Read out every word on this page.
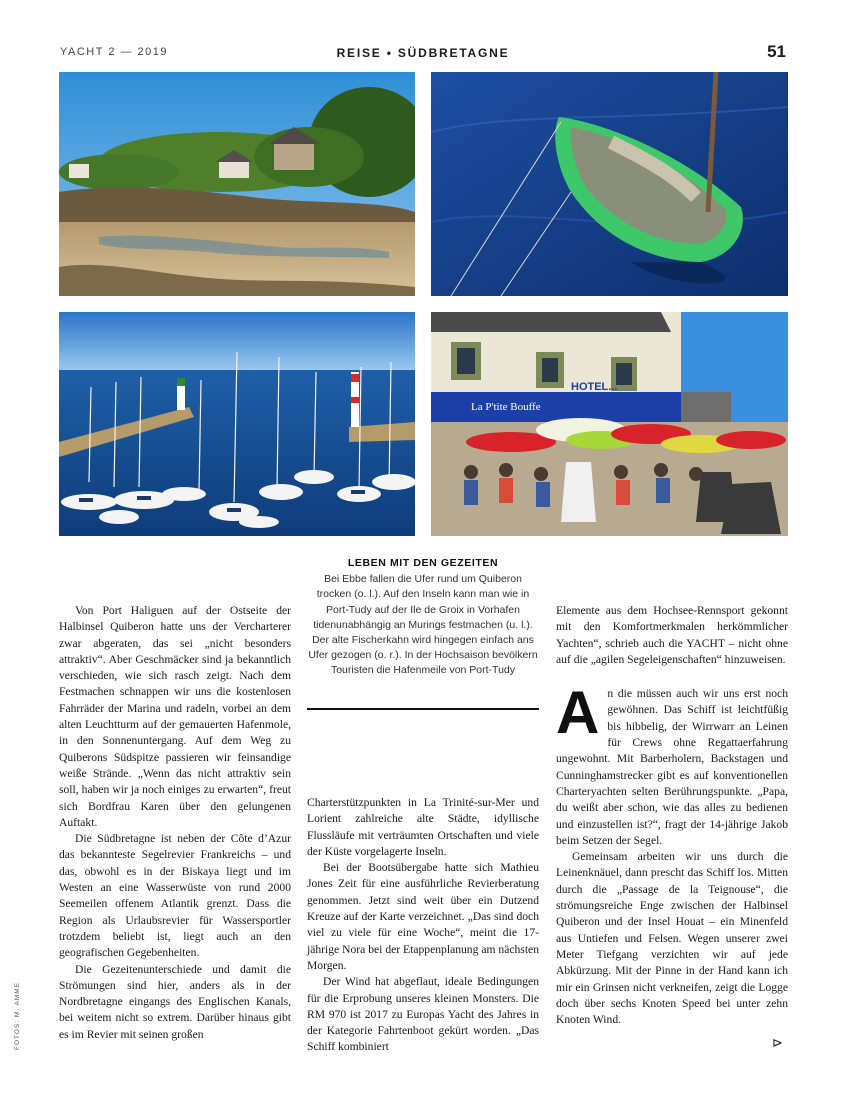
YACHT 2 — 2019	REISE • SÜDBRETAGNE	51
La P'tite Bouffe
HOTEL...
FOTOS: M. AMME
LEBEN MIT DEN GEZEITEN
Bei Ebbe fallen die Ufer rund um Quiberon trocken (o. l.). Auf den Inseln kann man wie in Port-Tudy auf der Ile de Groix in Vorhafen tidenunabhängig an Murings festmachen (u. l.). Der alte Fischerkahn wird hingegen einfach ans Ufer gezogen (o. r.). In der Hochsaison bevölkern Touristen die Hafenmeile von Port-Tudy

Von Port Haliguen auf der Ostseite der Halbinsel Quiberon hatte uns der Vercharterer zwar abgeraten, das sei „nicht besonders attraktiv“. Aber Geschmäcker sind ja bekanntlich verschieden, wie sich rasch zeigt. Nach dem Festmachen schnappen wir uns die kostenlosen Fahrräder der Marina und radeln, vorbei an dem alten Leuchtturm auf der gemauerten Hafenmole, in den Sonnenuntergang. Auf dem Weg zu Quiberons Südspitze passieren wir feinsandige weiße Strände. „Wenn das nicht attraktiv sein soll, haben wir ja noch einiges zu erwarten“, freut sich Bordfrau Karen über den gelungenen Auftakt.

Die Südbretagne ist neben der Côte d’Azur das bekannteste Segelrevier Frankreichs – und das, obwohl es in der Biskaya liegt und im Westen an eine Wasserwüste von rund 2000 Seemeilen offenem Atlantik grenzt. Dass die Region als Urlaubsrevier für Wassersportler trotzdem beliebt ist, liegt auch an den geografischen Gegebenheiten.

Die Gezeitenunterschiede und damit die Strömungen sind hier, anders als in der Nordbretagne eingangs des Englischen Kanals, bei weitem nicht so extrem. Darüber hinaus gibt es im Revier mit seinen großen

Charterstützpunkten in La Trinité-sur-Mer und Lorient zahlreiche alte Städte, idyllische Flussläufe mit verträumten Ortschaften und viele der Küste vorgelagerte Inseln.

Bei der Bootsübergabe hatte sich Mathieu Jones Zeit für eine ausführliche Revierberatung genommen. Jetzt sind weit über ein Dutzend Kreuze auf der Karte verzeichnet. „Das sind doch viel zu viele für eine Woche“, meint die 17-jährige Nora bei der Etappenplanung am nächsten Morgen.

Der Wind hat abgeflaut, ideale Bedingungen für die Erprobung unseres kleinen Monsters. Die RM 970 ist 2017 zu Europas Yacht des Jahres in der Kategorie Fahrtenboot gekürt worden. „Das Schiff kombiniert

Elemente aus dem Hochsee-Rennsport gekonnt mit den Komfortmerkmalen herkömmlicher Yachten“, schrieb auch die YACHT – nicht ohne auf die „agilen Segeleigenschaften“ hinzuweisen.

An die müssen auch wir uns erst noch gewöhnen. Das Schiff ist leichtfüßig bis hibbelig, der Wirrwarr an Leinen für Crews ohne Regattaerfahrung ungewohnt. Mit Barberholern, Backstagen und Cunninghamstrecker gibt es auf konventionellen Charteryachten selten Berührungspunkte. „Papa, du weißt aber schon, wie das alles zu bedienen und einzustellen ist?“, fragt der 14-jährige Jakob beim Setzen der Segel.

Gemeinsam arbeiten wir uns durch die Leinenknäuel, dann prescht das Schiff los. Mitten durch die „Passage de la Teignouse“, die strömungsreiche Enge zwischen der Halbinsel Quiberon und der Insel Houat – ein Minenfeld aus Untiefen und Felsen. Wegen unserer zwei Meter Tiefgang verzichten wir auf jede Abkürzung. Mit der Pinne in der Hand kann ich mir ein Grinsen nicht verkneifen, zeigt die Logge doch über sechs Knoten Speed bei unter zehn Knoten Wind.

⊳
